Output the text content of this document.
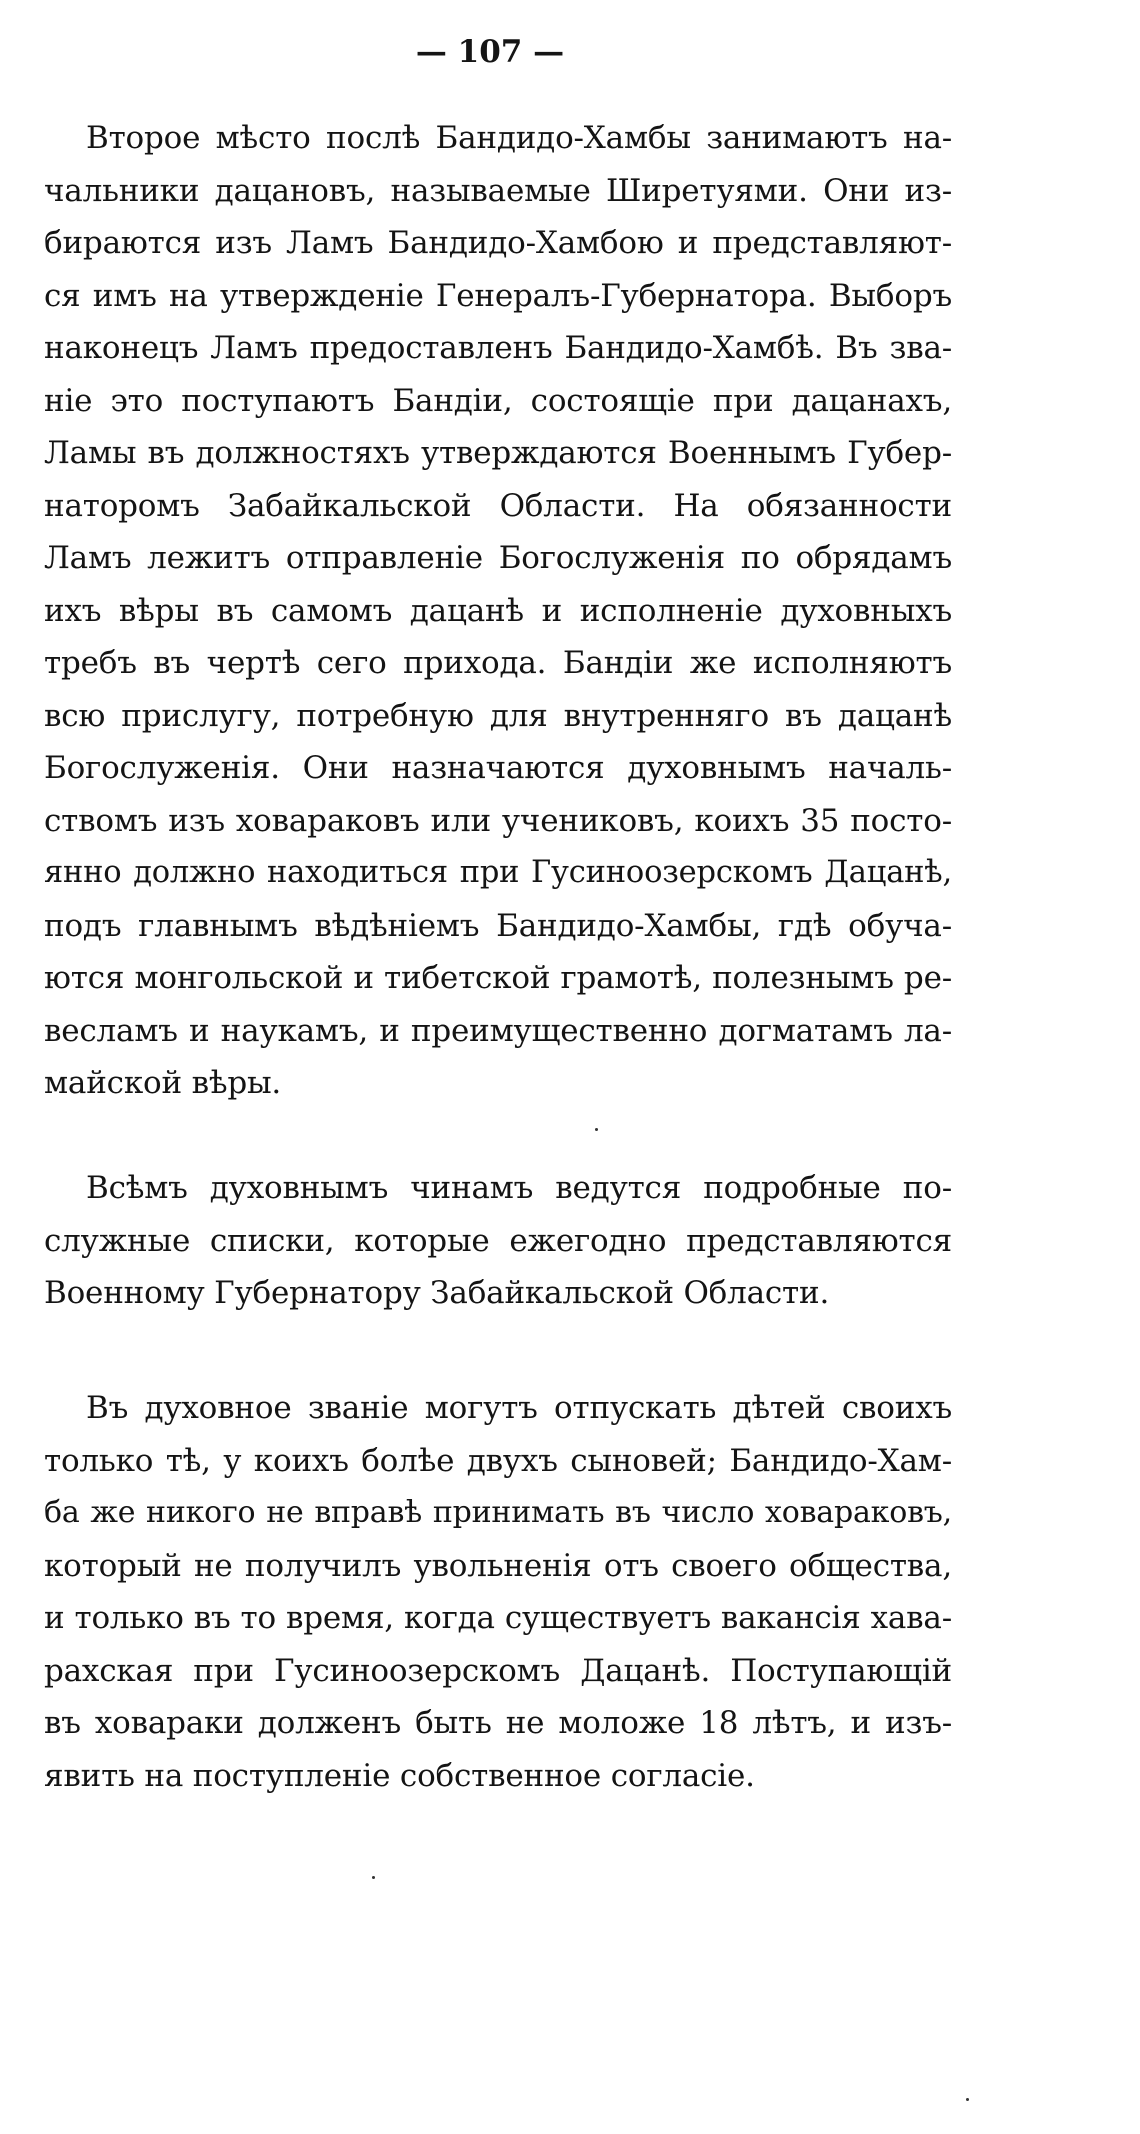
— 107 —
Второе мѣсто послѣ Бандидо-Хамбы занимаютъ на-
чальники дацановъ, называемые Ширетуями. Они из-
бираются изъ Ламъ Бандидо-Хамбою и представляют-
ся имъ на утвержденіе Генералъ-Губернатора. Выборъ
наконецъ Ламъ предоставленъ Бандидо-Хамбѣ. Въ зва-
ніе это поступаютъ Бандіи, состоящіе при дацанахъ,
Ламы въ должностяхъ утверждаются Военнымъ Губер-
наторомъ Забайкальской Области. На обязанности
Ламъ лежитъ отправленіе Богослуженія по обрядамъ
ихъ вѣры въ самомъ дацанѣ и исполненіе духовныхъ
требъ въ чертѣ сего прихода. Бандіи же исполняютъ
всю прислугу, потребную для внутренняго въ дацанѣ
Богослуженія. Они назначаются духовнымъ началь-
ствомъ изъ ховараковъ или учениковъ, коихъ 35 посто-
янно должно находиться при Гусиноозерскомъ Дацанѣ,
подъ главнымъ вѣдѣніемъ Бандидо-Хамбы, гдѣ обуча-
ются монгольской и тибетской грамотѣ, полезнымъ ре-
весламъ и наукамъ, и преимущественно догматамъ ла-
майской вѣры.
Всѣмъ духовнымъ чинамъ ведутся подробные по-
служные списки, которые ежегодно представляются
Военному Губернатору Забайкальской Области.
Въ духовное званіе могутъ отпускать дѣтей своихъ
только тѣ, у коихъ болѣе двухъ сыновей; Бандидо-Хам-
ба же никого не вправѣ принимать въ число ховараковъ,
который не получилъ увольненія отъ своего общества,
и только въ то время, когда существуетъ вакансія хава-
рахская при Гусиноозерскомъ Дацанѣ. Поступающій
въ ховараки долженъ быть не моложе 18 лѣтъ, и изъ-
явить на поступленіе собственное согласіе.
